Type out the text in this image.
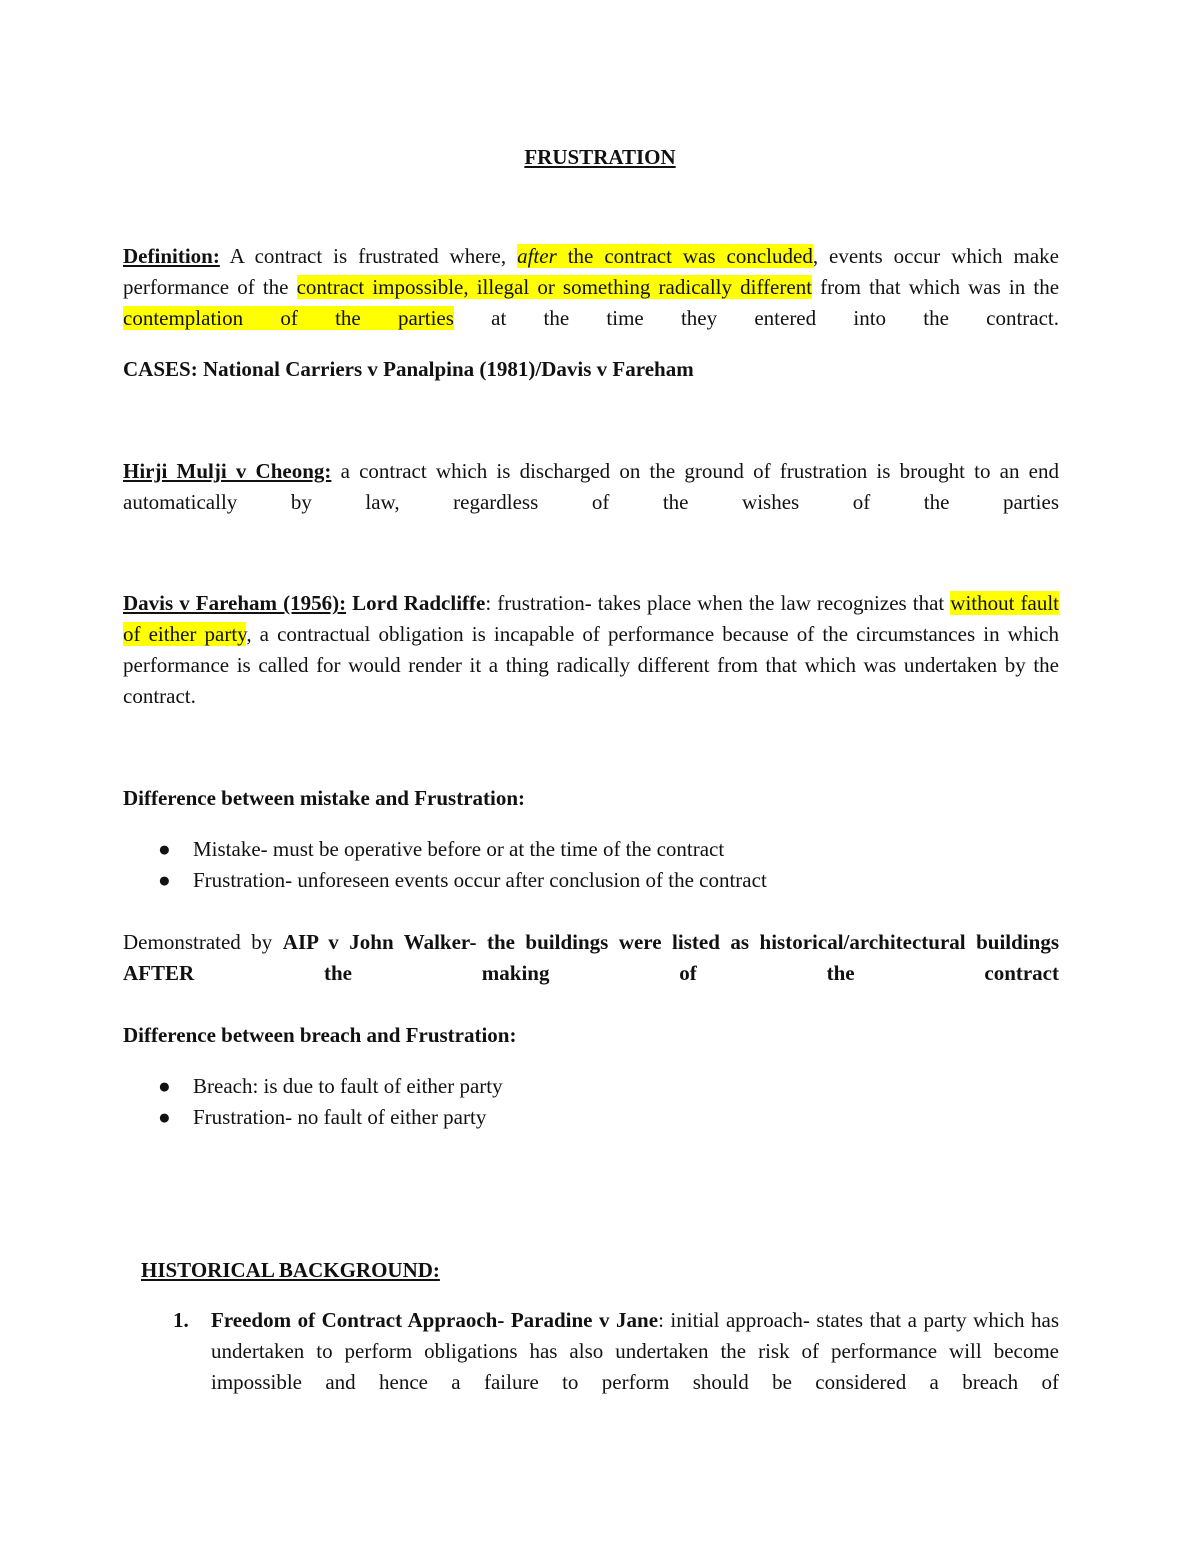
FRUSTRATION

Definition: A contract is frustrated where, after the contract was concluded, events occur which make performance of the contract impossible, illegal or something radically different from that which was in the contemplation of the parties at the time they entered into the contract.

CASES: National Carriers v Panalpina (1981)/Davis v Fareham

Hirji Mulji v Cheong: a contract which is discharged on the ground of frustration is brought to an end automatically by law, regardless of the wishes of the parties

Davis v Fareham (1956): Lord Radcliffe: frustration- takes place when the law recognizes that without fault of either party, a contractual obligation is incapable of performance because of the circumstances in which performance is called for would render it a thing radically different from that which was undertaken by the contract.

Difference between mistake and Frustration:

● Mistake- must be operative before or at the time of the contract
● Frustration- unforeseen events occur after conclusion of the contract

Demonstrated by AIP v John Walker- the buildings were listed as historical/architectural buildings AFTER the making of the contract

Difference between breach and Frustration:

● Breach: is due to fault of either party
● Frustration- no fault of either party

HISTORICAL BACKGROUND:

1. Freedom of Contract Appraoch- Paradine v Jane: initial approach- states that a party which has undertaken to perform obligations has also undertaken the risk of performance will become impossible and hence a failure to perform should be considered a breach of
